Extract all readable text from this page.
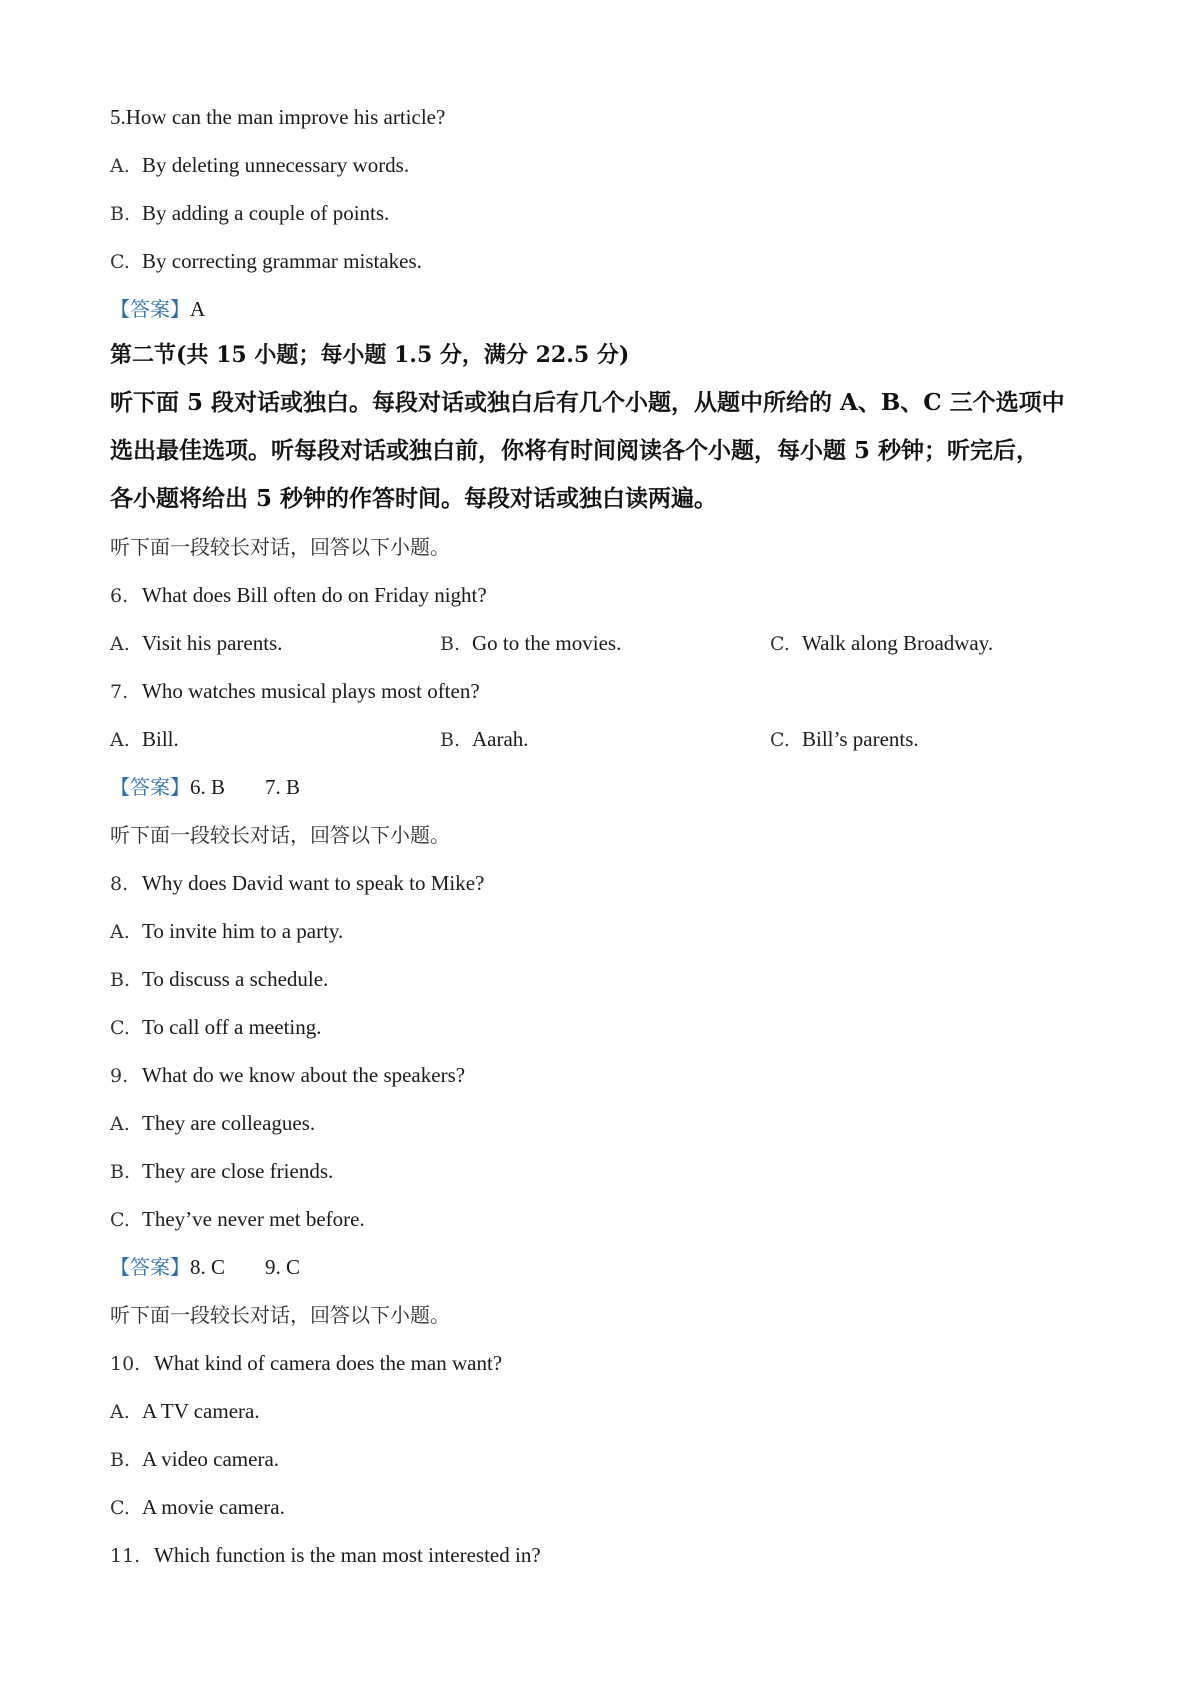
5.How can the man improve his article?
A. By deleting unnecessary words.
B. By adding a couple of points.
C. By correcting grammar mistakes.
【答案】A
第二节(共 15 小题；每小题 1.5 分，满分 22.5 分)
听下面 5 段对话或独白。每段对话或独白后有几个小题，从题中所给的 A、B、C 三个选项中
选出最佳选项。听每段对话或独白前，你将有时间阅读各个小题，每小题 5 秒钟；听完后，
各小题将给出 5 秒钟的作答时间。每段对话或独白读两遍。
听下面一段较长对话，回答以下小题。
6. What does Bill often do on Friday night?
A. Visit his parents.	B. Go to the movies.	C. Walk along Broadway.
7. Who watches musical plays most often?
A. Bill.	B. Aarah.	C. Bill’s parents.
【答案】6. B 7. B
听下面一段较长对话，回答以下小题。
8. Why does David want to speak to Mike?
A. To invite him to a party.
B. To discuss a schedule.
C. To call off a meeting.
9. What do we know about the speakers?
A. They are colleagues.
B. They are close friends.
C. They’ve never met before.
【答案】8. C 9. C
听下面一段较长对话，回答以下小题。
10. What kind of camera does the man want?
A. A TV camera.
B. A video camera.
C. A movie camera.
11. Which function is the man most interested in?
